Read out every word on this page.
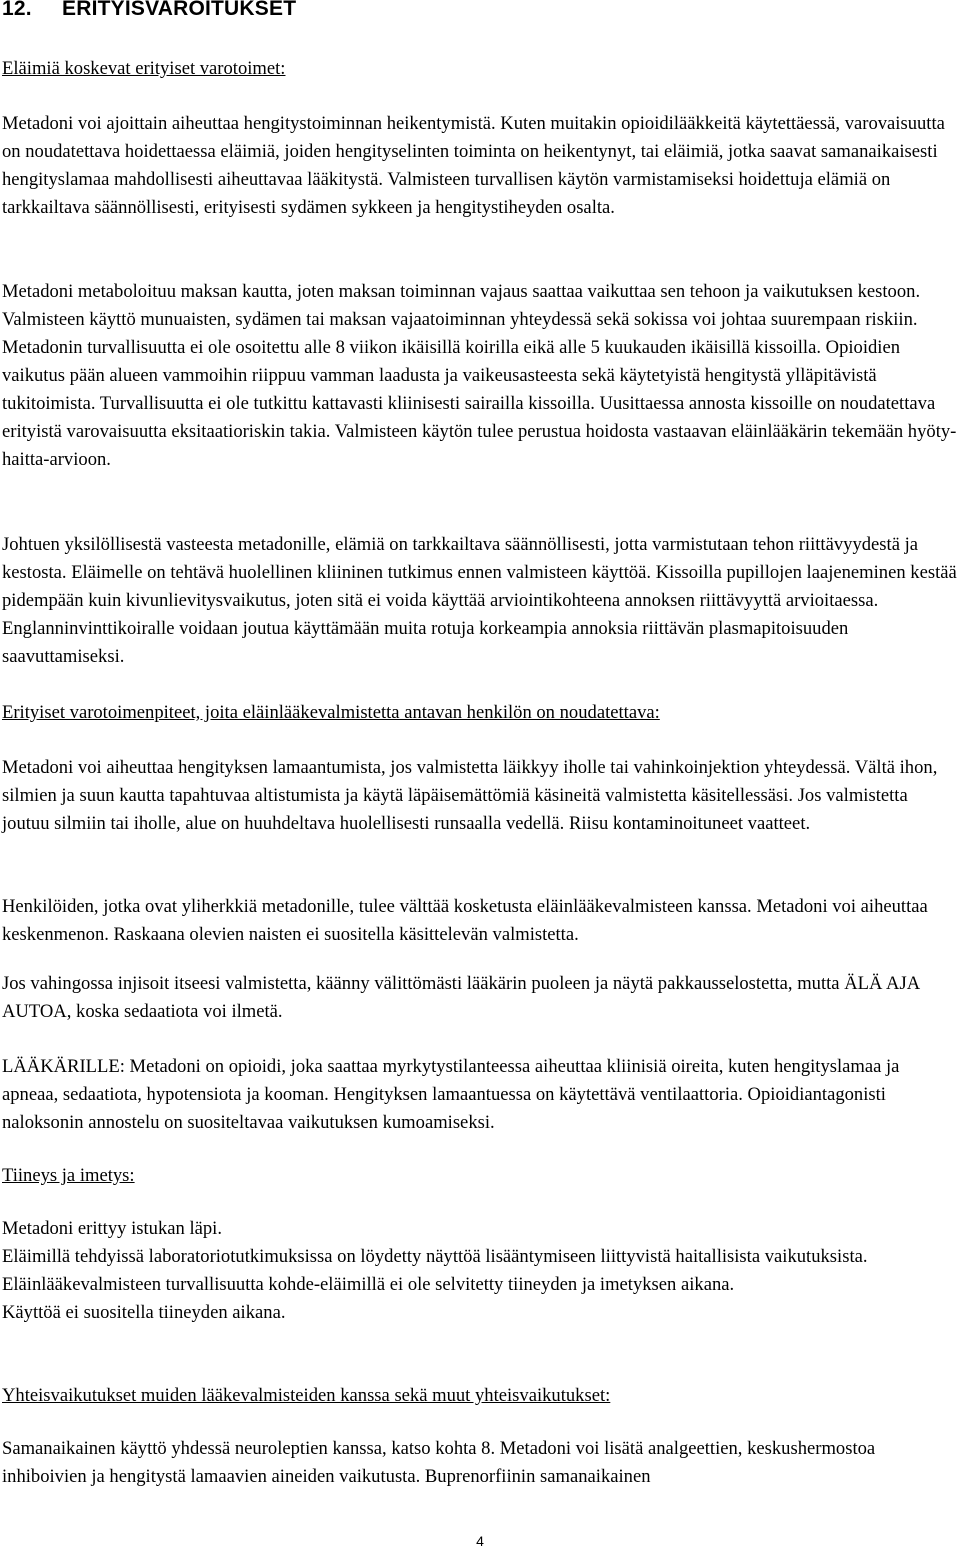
12. ERITYISVAROITUKSET

Eläimiä koskevat erityiset varotoimet:

Metadoni voi ajoittain aiheuttaa hengitystoiminnan heikentymistä. Kuten muitakin opioidilääkkeitä käytettäessä, varovaisuutta on noudatettava hoidettaessa eläimiä, joiden hengityselinten toiminta on heikentynyt, tai eläimiä, jotka saavat samanaikaisesti hengityslamaa mahdollisesti aiheuttavaa lääkitystä. Valmisteen turvallisen käytön varmistamiseksi hoidettuja elämiä on tarkkailtava säännöllisesti, erityisesti sydämen sykkeen ja hengitystiheyden osalta.

Metadoni metaboloituu maksan kautta, joten maksan toiminnan vajaus saattaa vaikuttaa sen tehoon ja vaikutuksen kestoon. Valmisteen käyttö munuaisten, sydämen tai maksan vajaatoiminnan yhteydessä sekä sokissa voi johtaa suurempaan riskiin. Metadonin turvallisuutta ei ole osoitettu alle 8 viikon ikäisillä koirilla eikä alle 5 kuukauden ikäisillä kissoilla. Opioidien vaikutus pään alueen vammoihin riippuu vamman laadusta ja vaikeusasteesta sekä käytetyistä hengitystä ylläpitävistä tukitoimista. Turvallisuutta ei ole tutkittu kattavasti kliinisesti sairailla kissoilla. Uusittaessa annosta kissoille on noudatettava erityistä varovaisuutta eksitaatioriskin takia. Valmisteen käytön tulee perustua hoidosta vastaavan eläinlääkärin tekemään hyöty-haitta-arvioon.

Johtuen yksilöllisestä vasteesta metadonille, elämiä on tarkkailtava säännöllisesti, jotta varmistutaan tehon riittävyydestä ja kestosta. Eläimelle on tehtävä huolellinen kliininen tutkimus ennen valmisteen käyttöä. Kissoilla pupillojen laajeneminen kestää pidempään kuin kivunlievitysvaikutus, joten sitä ei voida käyttää arviointikohteena annoksen riittävyyttä arvioitaessa. Englanninvinttikoiralle voidaan joutua käyttämään muita rotuja korkeampia annoksia riittävän plasmapitoisuuden saavuttamiseksi.

Erityiset varotoimenpiteet, joita eläinlääkevalmistetta antavan henkilön on noudatettava:

Metadoni voi aiheuttaa hengityksen lamaantumista, jos valmistetta läikkyy iholle tai vahinkoinjektion yhteydessä. Vältä ihon, silmien ja suun kautta tapahtuvaa altistumista ja käytä läpäisemättömiä käsineitä valmistetta käsitellessäsi. Jos valmistetta joutuu silmiin tai iholle, alue on huuhdeltava huolellisesti runsaalla vedellä. Riisu kontaminoituneet vaatteet.

Henkilöiden, jotka ovat yliherkkiä metadonille, tulee välttää kosketusta eläinlääkevalmisteen kanssa. Metadoni voi aiheuttaa keskenmenon. Raskaana olevien naisten ei suositella käsittelevän valmistetta.

Jos vahingossa injisoit itseesi valmistetta, käänny välittömästi lääkärin puoleen ja näytä pakkausselostetta, mutta ÄLÄ AJA AUTOA, koska sedaatiota voi ilmetä.

LÄÄKÄRILLE: Metadoni on opioidi, joka saattaa myrkytystilanteessa aiheuttaa kliinisiä oireita, kuten hengityslamaa ja apneaa, sedaatiota, hypotensiota ja kooman. Hengityksen lamaantuessa on käytettävä ventilaattoria. Opioidiantagonisti naloksonin annostelu on suositeltavaa vaikutuksen kumoamiseksi.

Tiineys ja imetys:

Metadoni erittyy istukan läpi.
Eläimillä tehdyissä laboratoriotutkimuksissa on löydetty näyttöä lisääntymiseen liittyvistä haitallisista vaikutuksista.
Eläinlääkevalmisteen turvallisuutta kohde-eläimillä ei ole selvitetty tiineyden ja imetyksen aikana.
Käyttöä ei suositella tiineyden aikana.

Yhteisvaikutukset muiden lääkevalmisteiden kanssa sekä muut yhteisvaikutukset:

Samanaikainen käyttö yhdessä neuroleptien kanssa, katso kohta 8. Metadoni voi lisätä analgeettien, keskushermostoa inhiboivien ja hengitystä lamaavien aineiden vaikutusta. Buprenorfiinin samanaikainen

4
